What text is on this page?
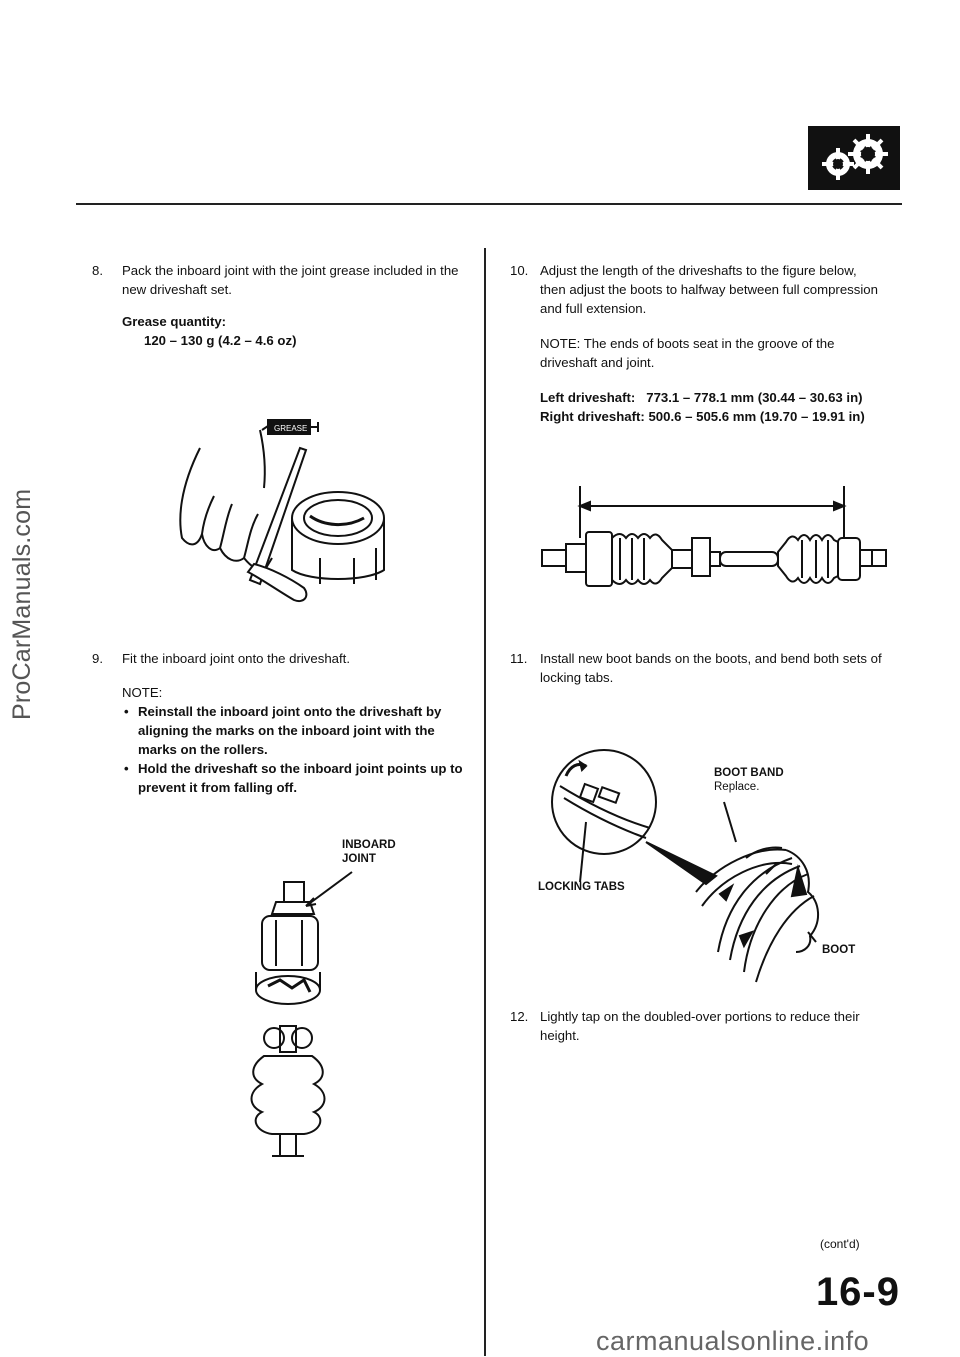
ProCarManuals.com
8. Pack the inboard joint with the joint grease included in the new driveshaft set.
Grease quantity:
120 – 130 g (4.2 – 4.6 oz)
GREASE
9. Fit the inboard joint onto the driveshaft.
NOTE:
• Reinstall the inboard joint onto the driveshaft by aligning the marks on the inboard joint with the marks on the rollers.
• Hold the driveshaft so the inboard joint points up to prevent it from falling off.
INBOARD
JOINT
10. Adjust the length of the driveshafts to the figure below, then adjust the boots to halfway between full compression and full extension.
NOTE: The ends of boots seat in the groove of the driveshaft and joint.
Left driveshaft: 773.1 – 778.1 mm (30.44 – 30.63 in)
Right driveshaft: 500.6 – 505.6 mm (19.70 – 19.91 in)
11. Install new boot bands on the boots, and bend both sets of locking tabs.
BOOT BAND
Replace.
LOCKING TABS
BOOT
12. Lightly tap on the doubled-over portions to reduce their height.
(cont'd)
16-9
carmanualsonline.info
